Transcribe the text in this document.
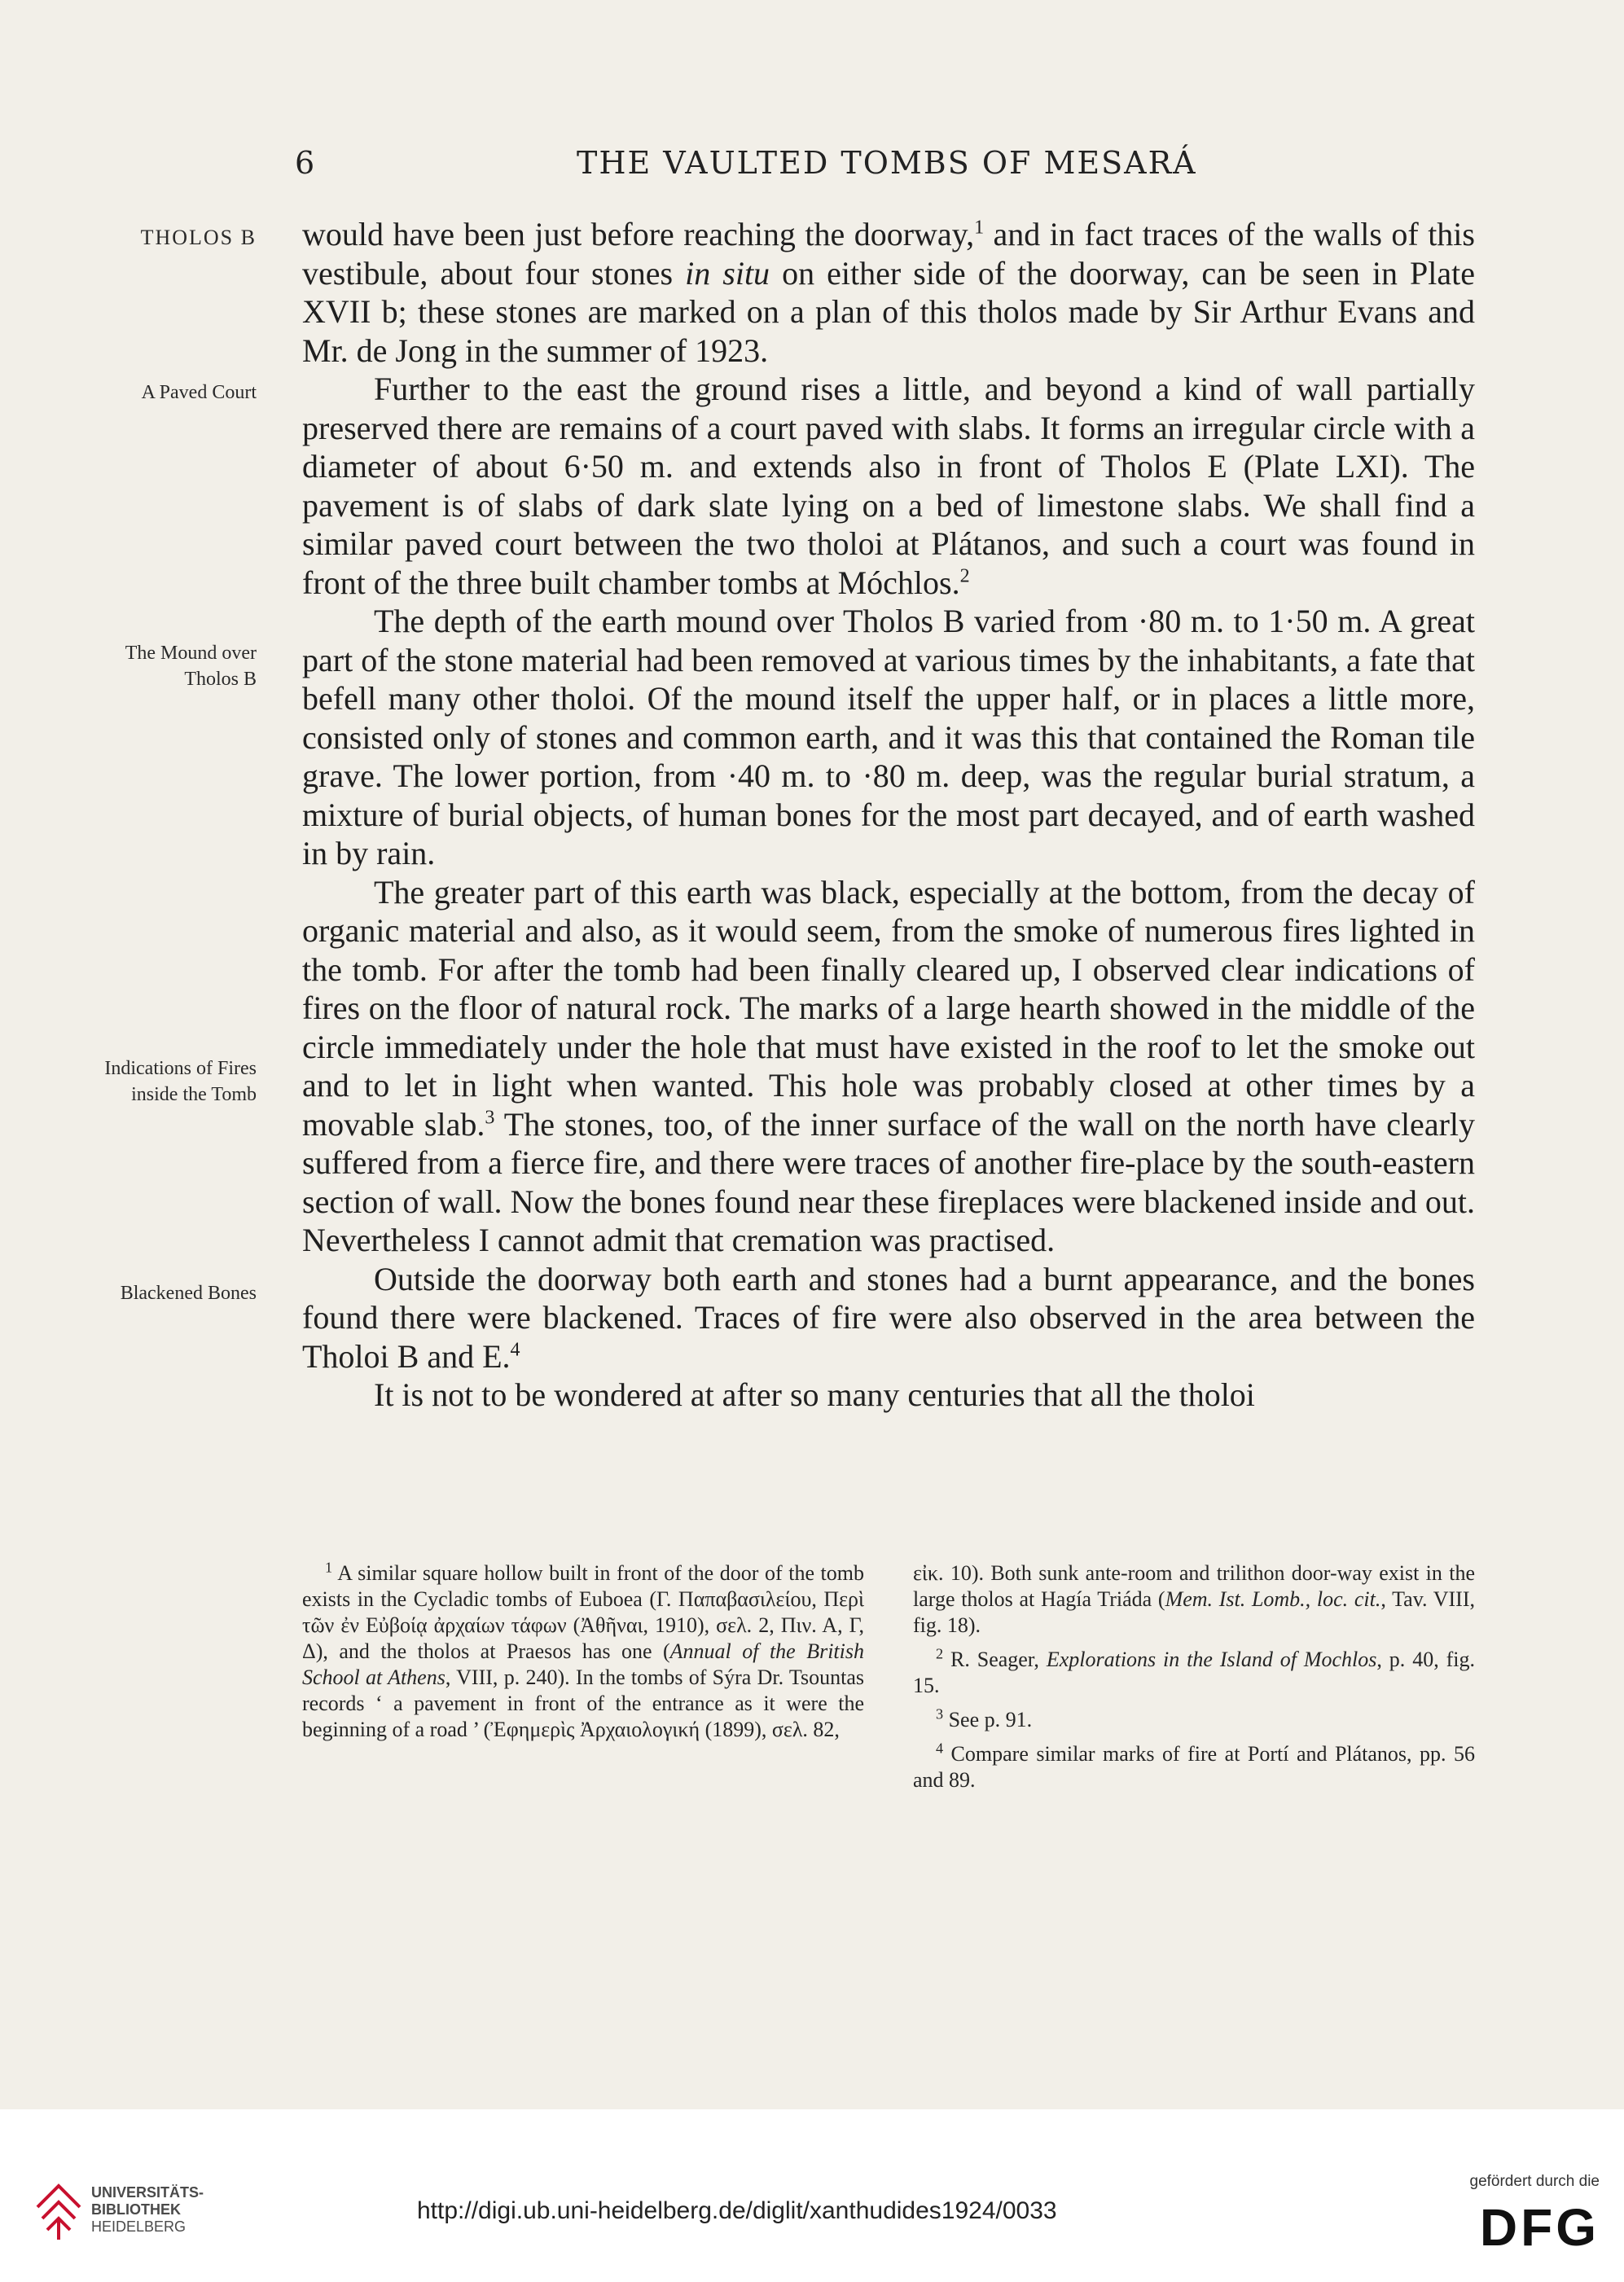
6	THE VAULTED TOMBS OF MESARÁ
THOLOS B
A Paved Court
The Mound over
Tholos B
Indications of Fires
inside the Tomb
Blackened Bones

would have been just before reaching the doorway,$^1$ and in fact traces of the walls of this vestibule, about four stones in situ on either side of the doorway, can be seen in Plate XVII b; these stones are marked on a plan of this tholos made by Sir Arthur Evans and Mr. de Jong in the summer of 1923.

Further to the east the ground rises a little, and beyond a kind of wall partially preserved there are remains of a court paved with slabs. It forms an irregular circle with a diameter of about 6·50 m. and extends also in front of Tholos E (Plate LXI). The pavement is of slabs of dark slate lying on a bed of limestone slabs. We shall find a similar paved court between the two tholoi at Plátanos, and such a court was found in front of the three built chamber tombs at Móchlos.$^2$

The depth of the earth mound over Tholos B varied from ·80 m. to 1·50 m. A great part of the stone material had been removed at various times by the inhabitants, a fate that befell many other tholoi. Of the mound itself the upper half, or in places a little more, consisted only of stones and common earth, and it was this that contained the Roman tile grave. The lower portion, from ·40 m. to ·80 m. deep, was the regular burial stratum, a mixture of burial objects, of human bones for the most part decayed, and of earth washed in by rain.

The greater part of this earth was black, especially at the bottom, from the decay of organic material and also, as it would seem, from the smoke of numerous fires lighted in the tomb. For after the tomb had been finally cleared up, I observed clear indications of fires on the floor of natural rock. The marks of a large hearth showed in the middle of the circle immediately under the hole that must have existed in the roof to let the smoke out and to let in light when wanted. This hole was probably closed at other times by a movable slab.$^3$ The stones, too, of the inner surface of the wall on the north have clearly suffered from a fierce fire, and there were traces of another fire-place by the south-eastern section of wall. Now the bones found near these fireplaces were blackened inside and out. Nevertheless I cannot admit that cremation was practised.

Outside the doorway both earth and stones had a burnt appearance, and the bones found there were blackened. Traces of fire were also observed in the area between the Tholoi B and E.$^4$

It is not to be wondered at after so many centuries that all the tholoi

$^1$ A similar square hollow built in front of the door of the tomb exists in the Cycladic tombs of Euboea (Γ. Παπαβασιλείου, Περὶ τῶν ἐν Εὐβοίᾳ ἀρχαίων τάφων (Ἀθῆναι, 1910), σελ. 2, Πιν. Α, Γ, Δ), and the tholos at Praesos has one (Annual of the British School at Athens, VIII, p. 240). In the tombs of Sýra Dr. Tsountas records ‘ a pavement in front of the entrance as it were the beginning of a road ’ (Ἐφημερὶς Ἀρχαιολογική (1899), σελ. 82,

εἰκ. 10). Both sunk ante-room and trilithon door-way exist in the large tholos at Hagía Triáda (Mem. Ist. Lomb., loc. cit., Tav. VIII, fig. 18).

$^2$ R. Seager, Explorations in the Island of Mochlos, p. 40, fig. 15.

$^3$ See p. 91.

$^4$ Compare similar marks of fire at Portí and Plátanos, pp. 56 and 89.

UNIVERSITÄTS-
BIBLIOTHEK
HEIDELBERG
http://digi.ub.uni-heidelberg.de/diglit/xanthudides1924/0033
gefördert durch die
DFG
